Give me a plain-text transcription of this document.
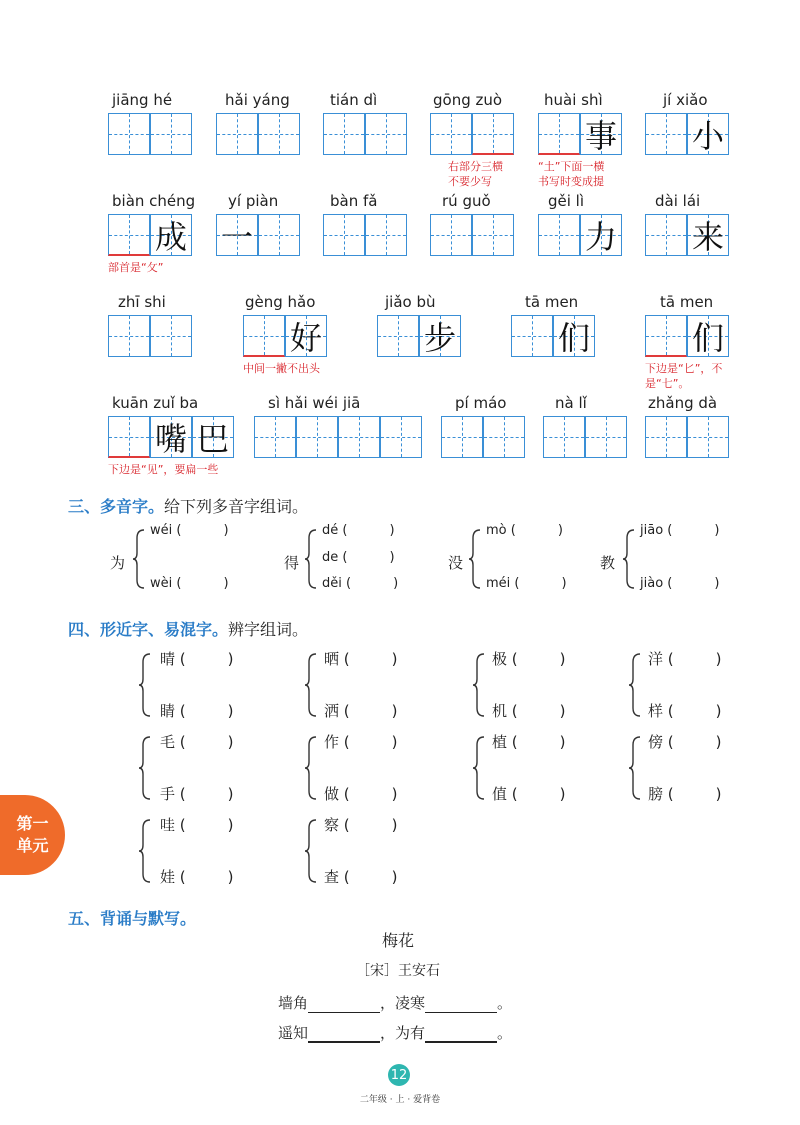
jiāng hé	hǎi yáng	tián dì	gōng zuò	huài shì	jí xiǎo
事 小
右部分三横
不要少写
“土”下面一横
书写时变成提
biàn chéng yí piàn	bàn fǎ	rú guǒ	gěi lì	dài lái
成 一	力 来
部首是“攵”
zhī shi	gèng hǎo	jiǎo bù	tā men	tā men
好	步	们	们
中间一撇不出头	下边是“匕”，不
是“七”。
kuān zuǐ ba	sì hǎi wéi jiā	pí máo	nà lǐ	zhǎng dà
嘴 巴
下边是“见”，要扁一些
三、多音字。给下列多音字组词。
为
wéi (	)
wèi (	)
得
dé (	)
de (	)
děi (	)
没
mò (	)
méi (	)
教
jiāo (	)
jiào (	)
四、形近字、易混字。辨字组词。
晴 (	)
睛 (	)
晒 (	)
洒 (	)
极 (	)
机 (	)
洋 (	)
样 (	)
毛 (	)
手 (	)
作 (	)
做 (	)
植 (	)
值 (	)
傍 (	)
膀 (	)
哇 (	)
娃 (	)
察 (	)
查 (	)
第一
单元
五、背诵与默写。
梅花
［宋］王安石
墙角	，凌寒	。
遥知	，为有	。
12
二年级 · 上 · 爱背卷
